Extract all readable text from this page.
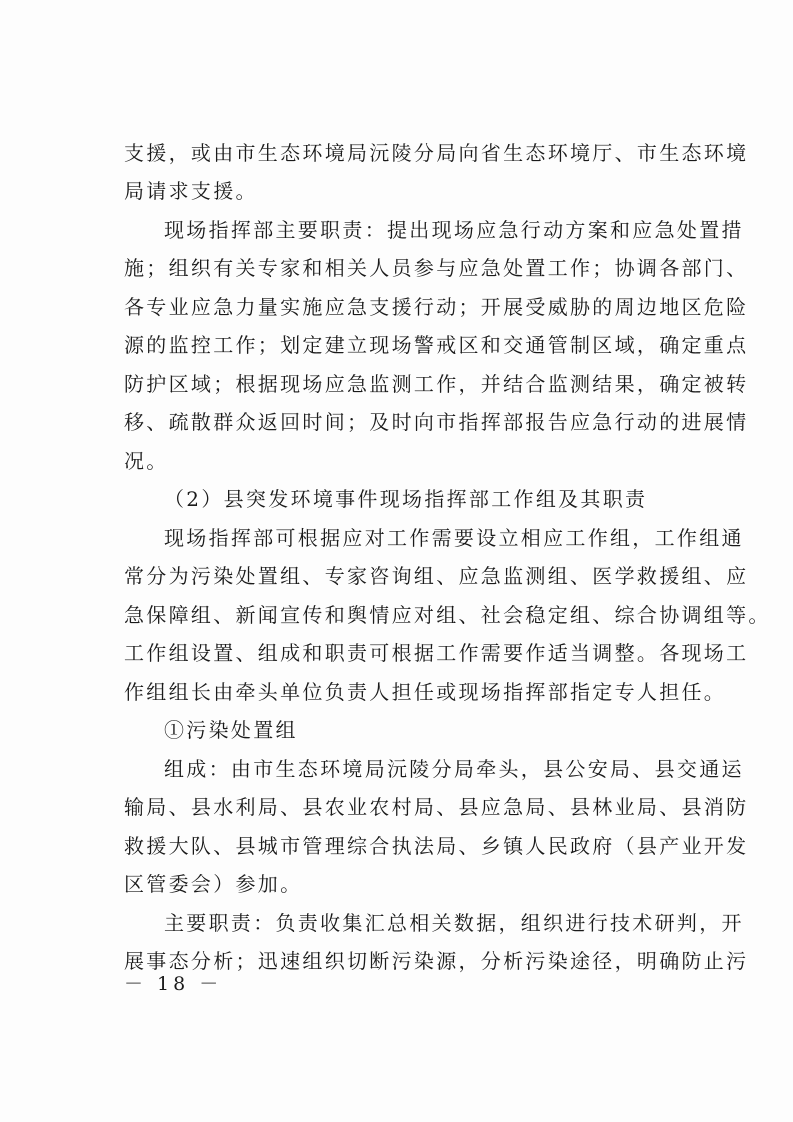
支援，或由市生态环境局沅陵分局向省生态环境厅、市生态环境
局请求支援。
现场指挥部主要职责：提出现场应急行动方案和应急处置措
施；组织有关专家和相关人员参与应急处置工作；协调各部门、
各专业应急力量实施应急支援行动；开展受威胁的周边地区危险
源的监控工作；划定建立现场警戒区和交通管制区域，确定重点
防护区域；根据现场应急监测工作，并结合监测结果，确定被转
移、疏散群众返回时间；及时向市指挥部报告应急行动的进展情
况。
（2）县突发环境事件现场指挥部工作组及其职责
现场指挥部可根据应对工作需要设立相应工作组，工作组通
常分为污染处置组、专家咨询组、应急监测组、医学救援组、应
急保障组、新闻宣传和舆情应对组、社会稳定组、综合协调组等。
工作组设置、组成和职责可根据工作需要作适当调整。各现场工
作组组长由牵头单位负责人担任或现场指挥部指定专人担任。
①污染处置组
组成：由市生态环境局沅陵分局牵头，县公安局、县交通运
输局、县水利局、县农业农村局、县应急局、县林业局、县消防
救援大队、县城市管理综合执法局、乡镇人民政府（县产业开发
区管委会）参加。
主要职责：负责收集汇总相关数据，组织进行技术研判，开
展事态分析；迅速组织切断污染源，分析污染途径，明确防止污
－ 18 －
